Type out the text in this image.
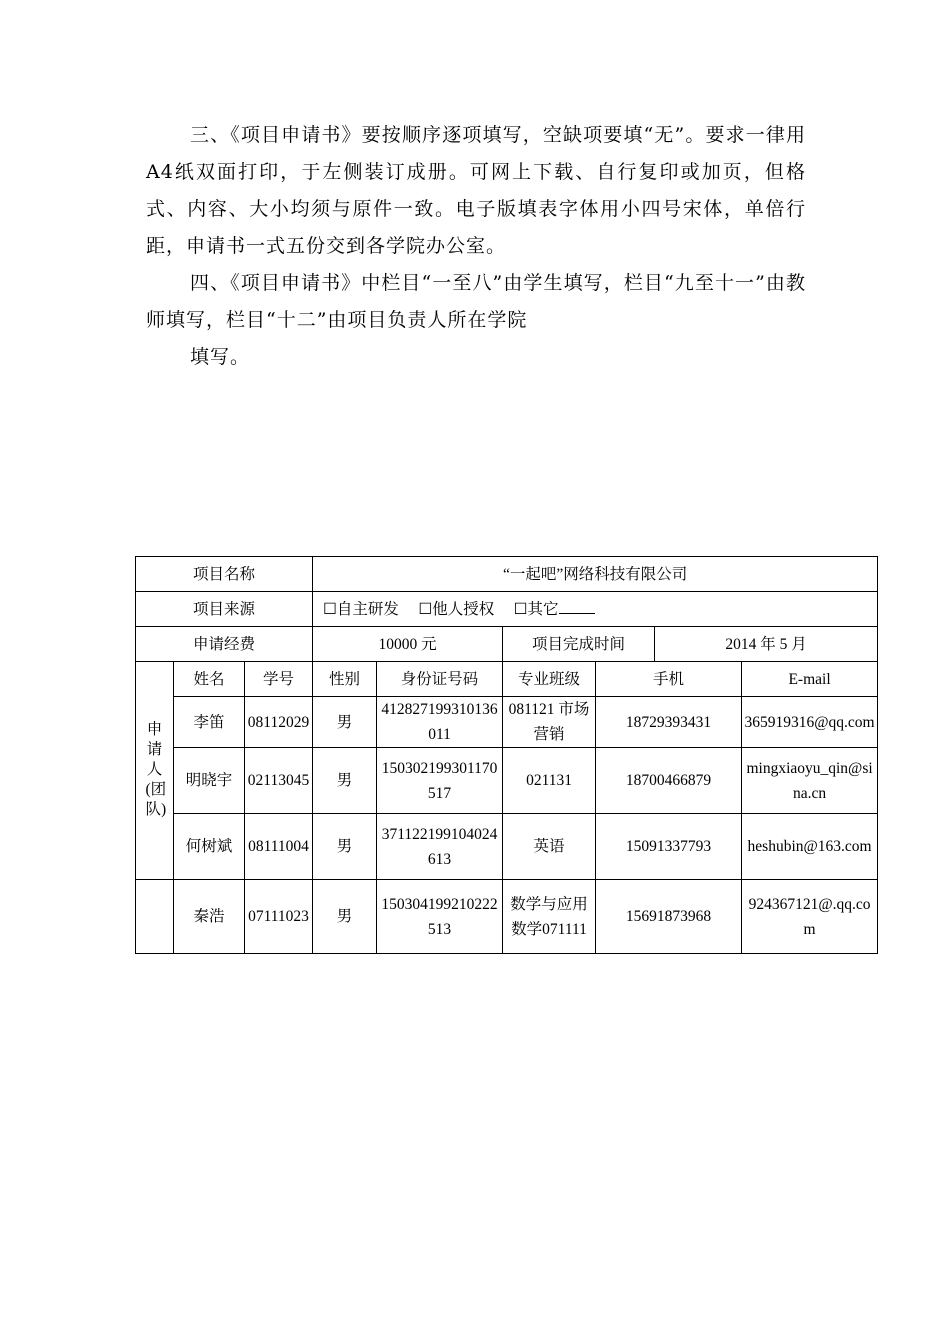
三、《项目申请书》要按顺序逐项填写，空缺项要填“无”。要求一律用A4纸双面打印，于左侧装订成册。可网上下载、自行复印或加页，但格式、内容、大小均须与原件一致。电子版填表字体用小四号宋体，单倍行距，申请书一式五份交到各学院办公室。
四、《项目申请书》中栏目“一至八”由学生填写，栏目“九至十一”由教师填写，栏目“十二”由项目负责人所在学院
填写。
项目名称			“一起吧”网络科技有限公司					
项目来源			☐自主研发 ☐他人授权 ☐其它					
申请经费			10000 元		项目完成时间		2014 年 5 月	
申请人(团队)	姓名	学号	性别	身份证号码	专业班级	手机		E-mail
	李笛	08112029	男	412827199310136011	081121 市场营销	18729393431		365919316@qq.com
	明晓宇	02113045	男	150302199301170517	021131	18700466879		mingxiaoyu_qin@sina.cn
	何树斌	08111004	男	371122199104024613	英语	15091337793		heshubin@163.com
	秦浩	07111023	男	150304199210222513	数学与应用数学071111	15691873968		924367121@.qq.com
